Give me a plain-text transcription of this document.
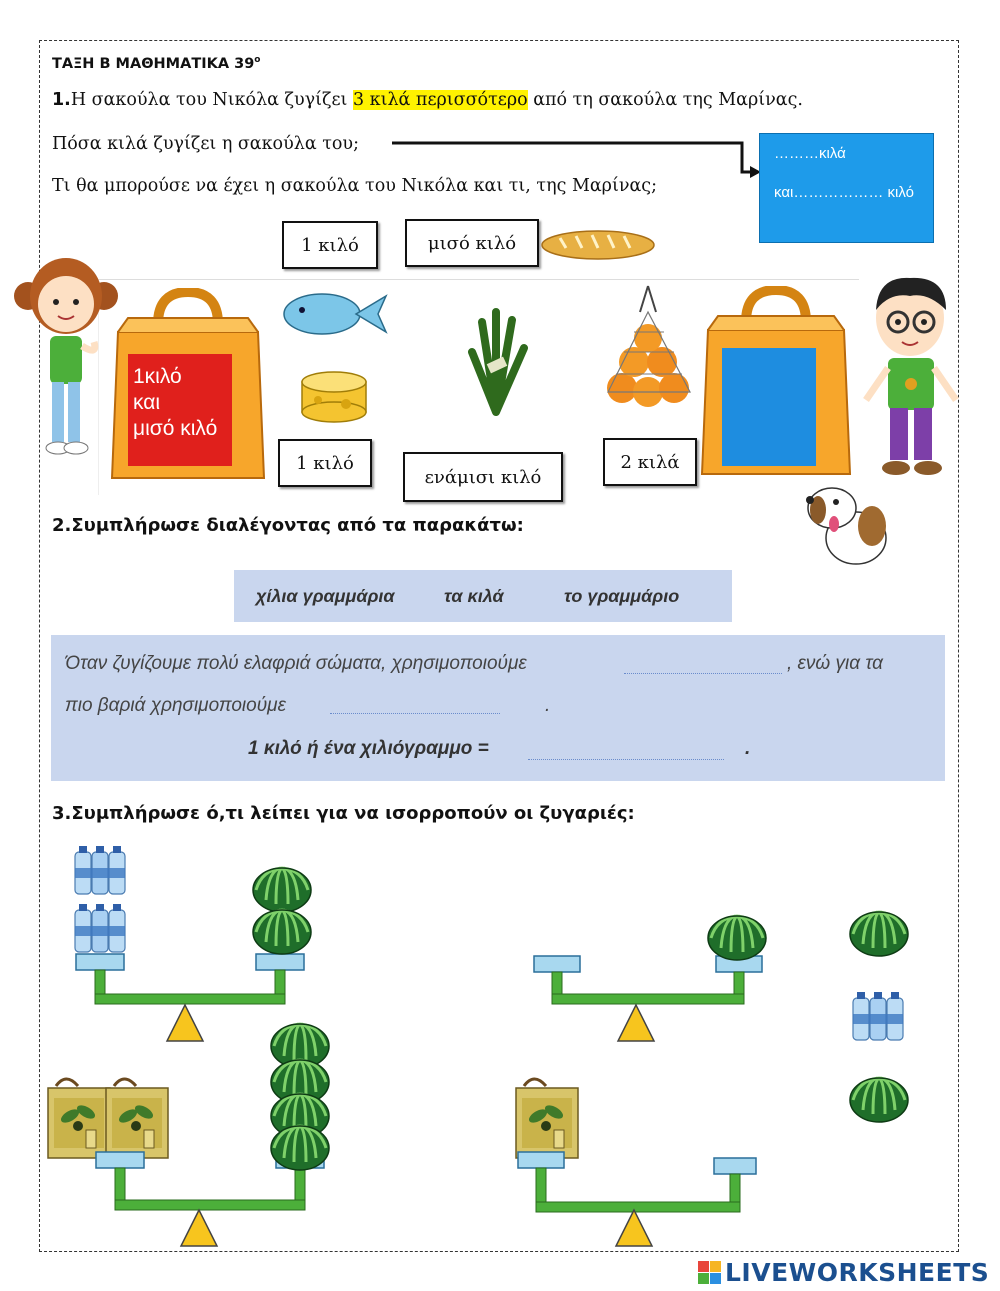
ΤΑΞΗ Β ΜΑΘΗΜΑΤΙΚΑ $39^o$
1.Η σακούλα του Νικόλα ζυγίζει 3 κιλά περισσότερο από τη σακούλα της Μαρίνας.
Πόσα κιλά ζυγίζει η σακούλα του;
Τι θα μπορούσε να έχει η σακούλα του Νικόλα και τι, της Μαρίνας;
………κιλά
και……………… κιλό
1 κιλό	μισό κιλό
1κιλό
και
μισό κιλό
1 κιλό
ενάμισι κιλό
2 κιλά
2.Συμπλήρωσε διαλέγοντας από τα παρακάτω:
χίλια γραμμάρια	τα κιλά	το γραμμάριο
Όταν ζυγίζουμε πολύ ελαφριά σώματα, χρησιμοποιούμε	, ενώ για τα
πιο βαριά χρησιμοποιούμε	.
1 κιλό ή ένα χιλιόγραμμο =	.
3.Συμπλήρωσε ό,τι λείπει για να ισορροπούν οι ζυγαριές:
LIVEWORKSHEETS
